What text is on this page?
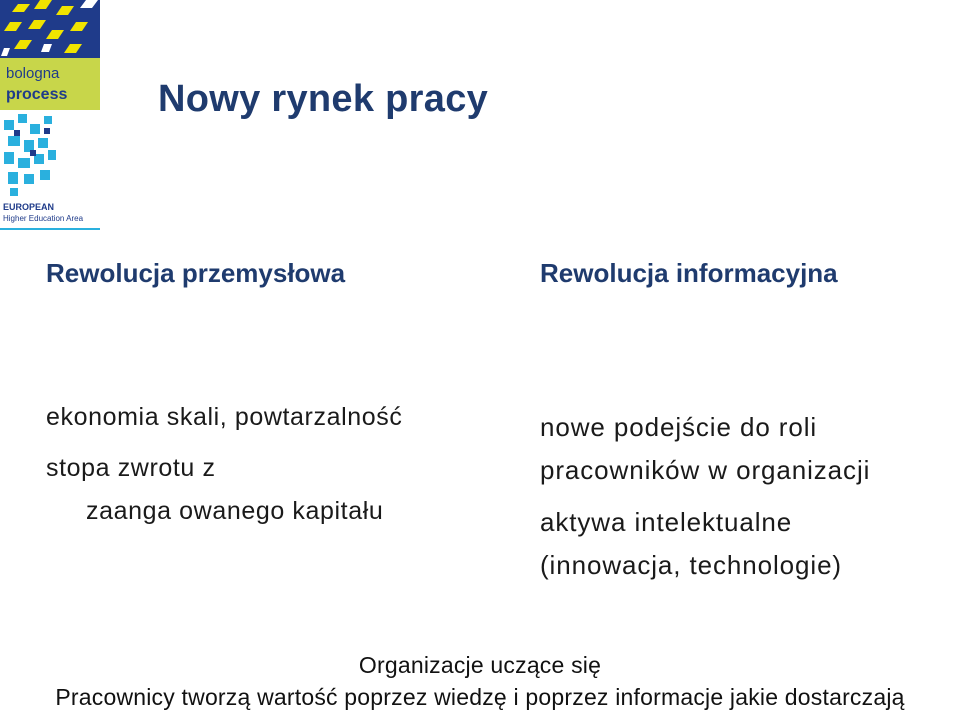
bologna
process
EUROPEAN
Higher Education Area
Nowy rynek pracy
Rewolucja przemysłowa	Rewolucja informacyjna
ekonomia skali, powtarzalność
stopa zwrotu z
zaanga owanego kapitału
nowe podejście do roli
pracowników w organizacji
aktywa intelektualne
(innowacja, technologie)
Organizacje uczące się
Pracownicy tworzą wartość poprzez wiedzę i poprzez informacje jakie dostarczają
